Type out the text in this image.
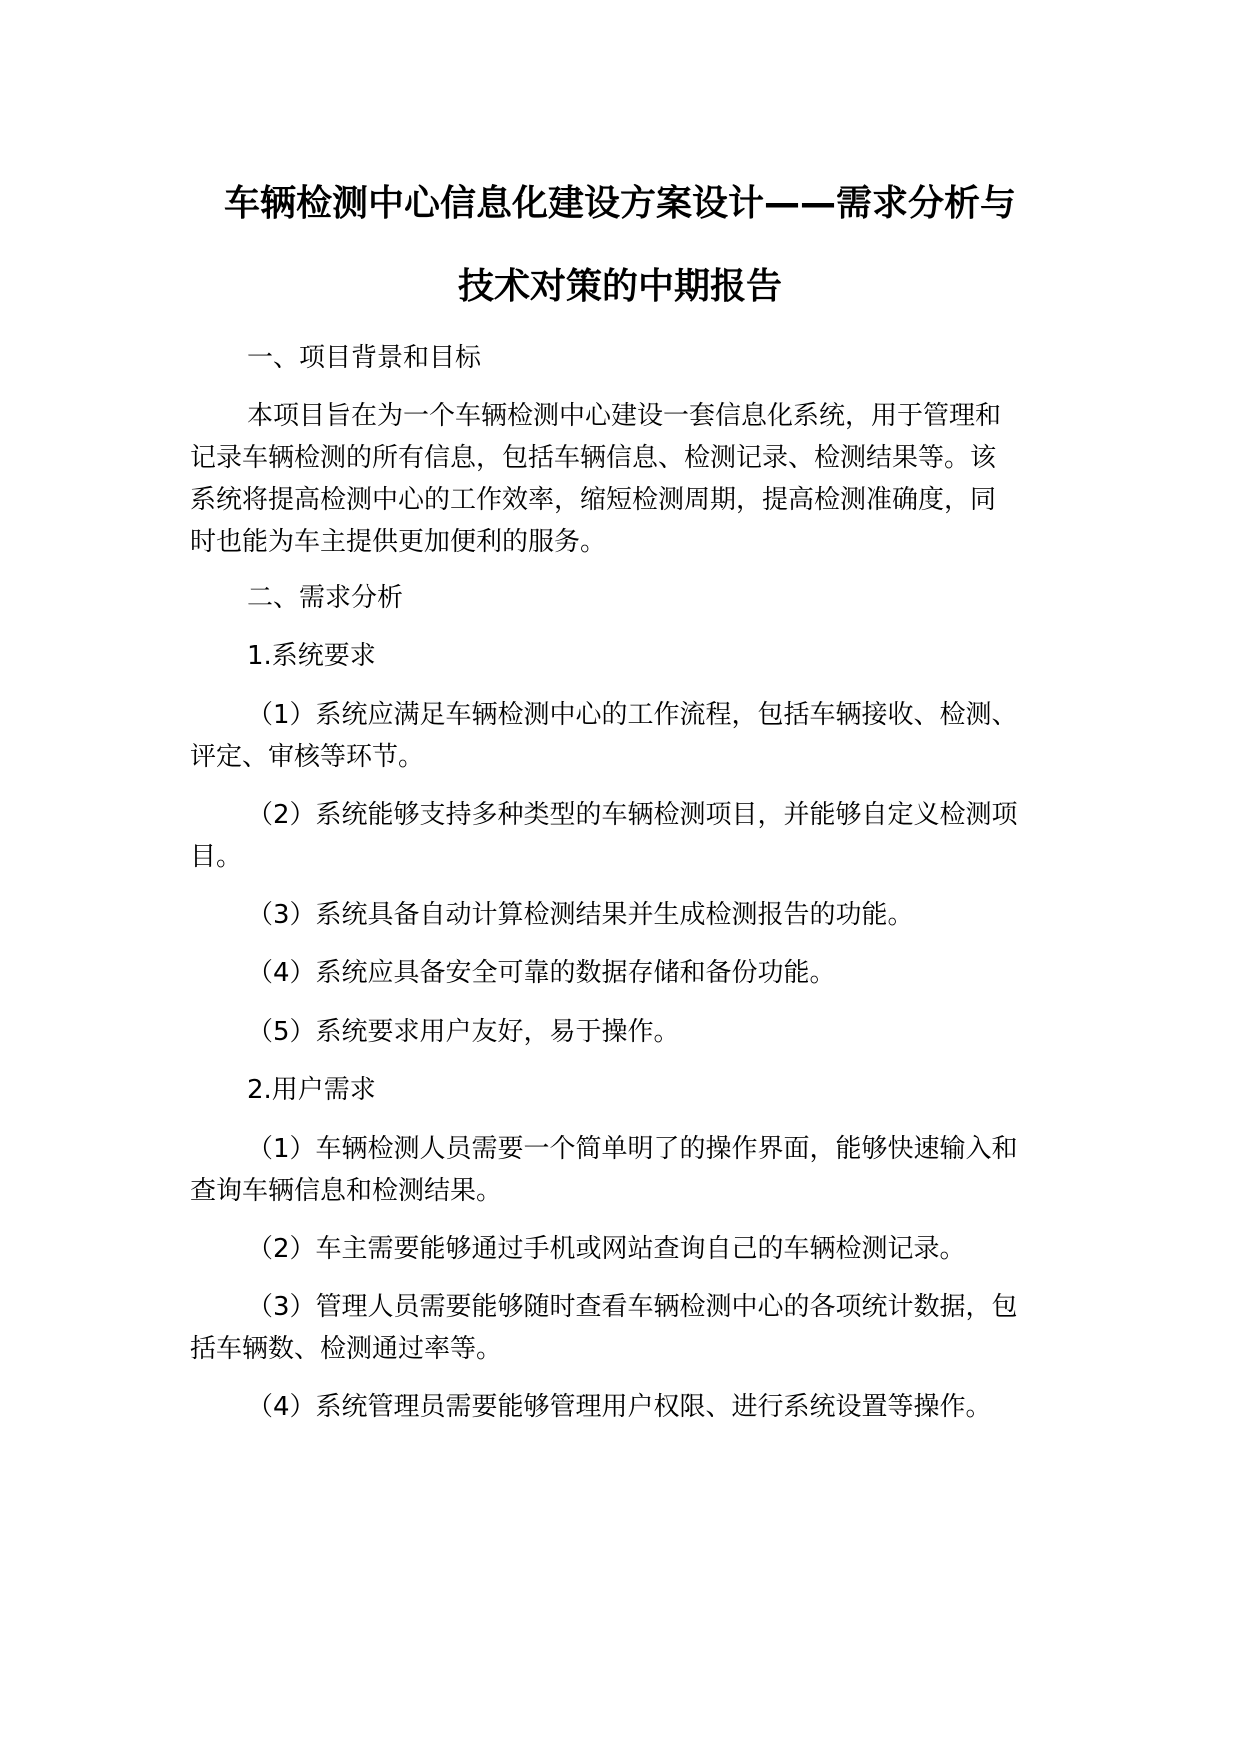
车辆检测中心信息化建设方案设计——需求分析与
技术对策的中期报告
一、项目背景和目标
本项目旨在为一个车辆检测中心建设一套信息化系统，用于管理和
记录车辆检测的所有信息，包括车辆信息、检测记录、检测结果等。该
系统将提高检测中心的工作效率，缩短检测周期，提高检测准确度，同
时也能为车主提供更加便利的服务。
二、需求分析
1.系统要求
（1）系统应满足车辆检测中心的工作流程，包括车辆接收、检测、
评定、审核等环节。
（2）系统能够支持多种类型的车辆检测项目，并能够自定义检测项
目。
（3）系统具备自动计算检测结果并生成检测报告的功能。
（4）系统应具备安全可靠的数据存储和备份功能。
（5）系统要求用户友好，易于操作。
2.用户需求
（1）车辆检测人员需要一个简单明了的操作界面，能够快速输入和
查询车辆信息和检测结果。
（2）车主需要能够通过手机或网站查询自己的车辆检测记录。
（3）管理人员需要能够随时查看车辆检测中心的各项统计数据，包
括车辆数、检测通过率等。
（4）系统管理员需要能够管理用户权限、进行系统设置等操作。
